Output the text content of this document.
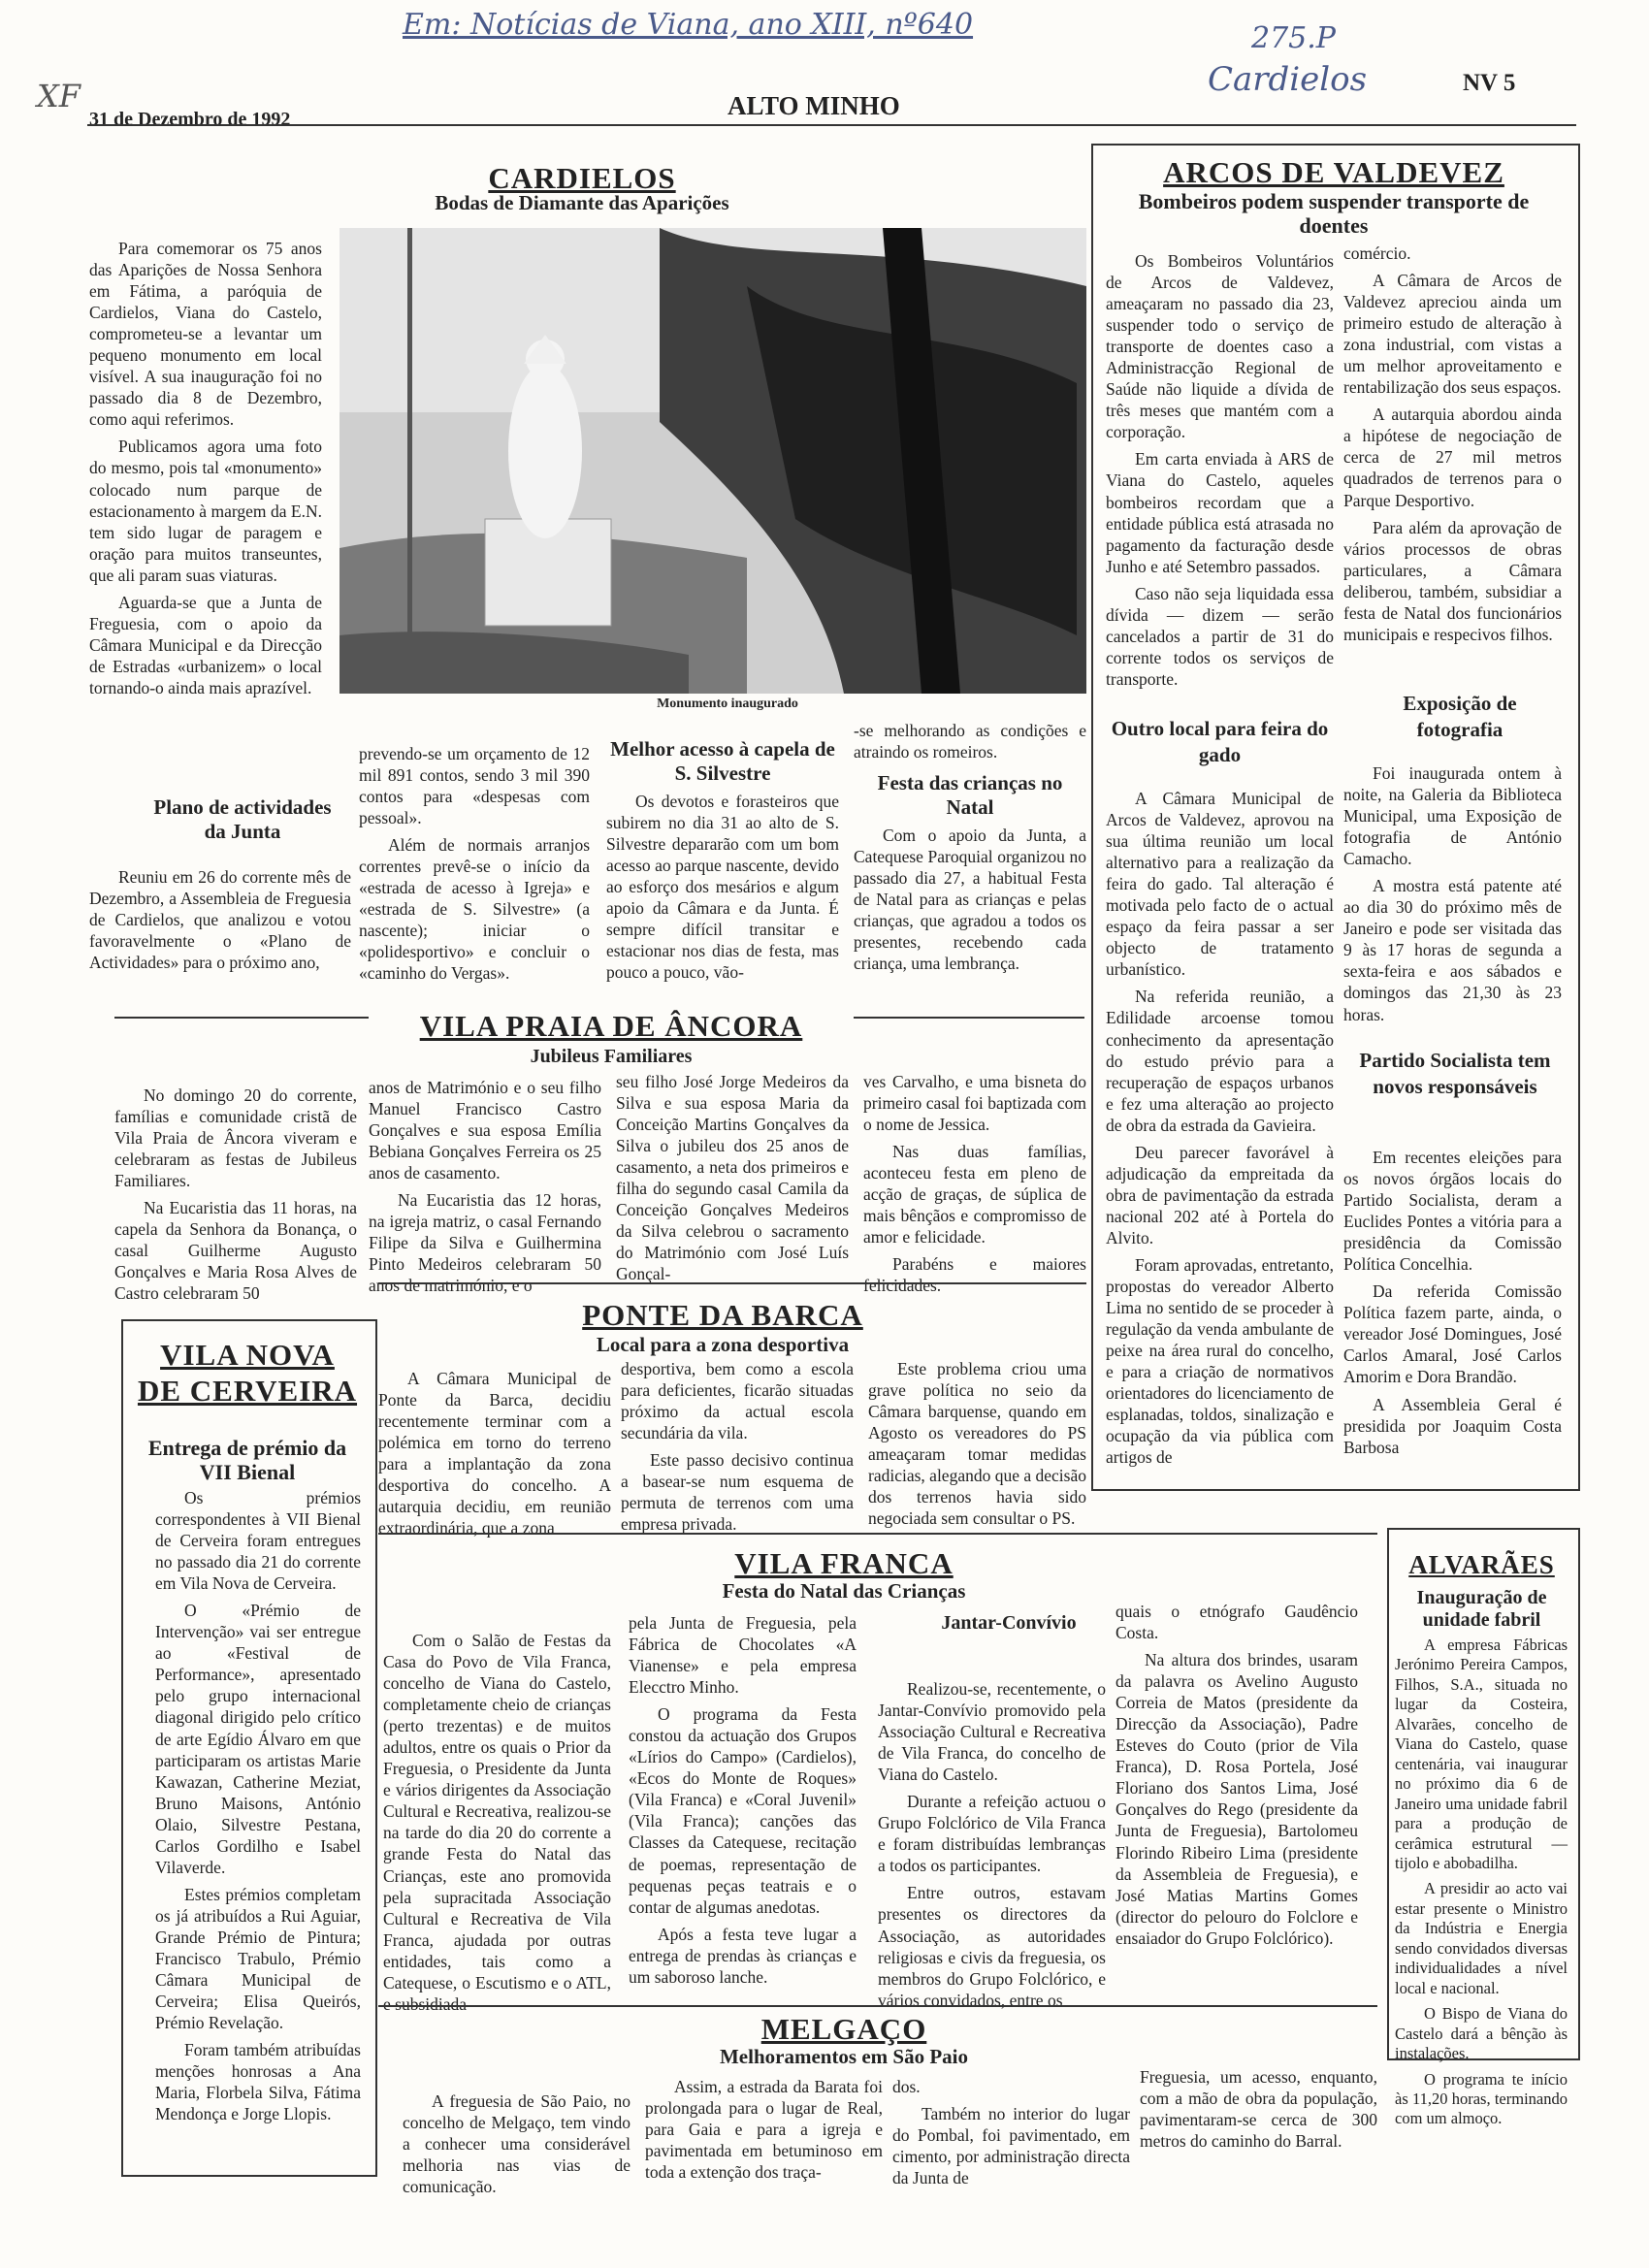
Em: Notícias de Viana, ano XIII, nº640	275.P
Cardielos
XF
31 de Dezembro de 1992	ALTO MINHO
NV 5
CARDIELOS
Bodas de Diamante das Aparições

Para comemorar os 75 anos das Aparições de Nossa Senhora em Fátima, a paróquia de Cardielos, Viana do Castelo, comprometeu-se a levantar um pequeno monumento em local visível. A sua inauguração foi no passado dia 8 de Dezembro, como aqui referimos.

Publicamos agora uma foto do mesmo, pois tal «monumento» colocado num parque de estacionamento à margem da E.N. tem sido lugar de paragem e oração para muitos transeuntes, que ali param suas viaturas.

Aguarda-se que a Junta de Freguesia, com o apoio da Câmara Municipal e da Direcção de Estradas «urbanizem» o local tornando-o ainda mais aprazível.

Monumento inaugurado
Plano de actividades da Junta

Reuniu em 26 do corrente mês de Dezembro, a Assembleia de Freguesia de Cardielos, que analizou e votou favoravelmente o «Plano de Actividades» para o próximo ano,

prevendo-se um orçamento de 12 mil 891 contos, sendo 3 mil 390 contos para «despesas com pessoal».

Além de normais arranjos correntes prevê-se o início da «estrada de acesso à Igreja» e «estrada de S. Silvestre» (a nascente); iniciar o «polidesportivo» e concluir o «caminho do Vergas».

Melhor acesso à capela de S. Silvestre

Os devotos e forasteiros que subirem no dia 31 ao alto de S. Silvestre depararão com um bom acesso ao parque nascente, devido ao esforço dos mesários e algum apoio da Câmara e da Junta. É sempre difícil transitar e estacionar nos dias de festa, mas pouco a pouco, vão-

-se melhorando as condições e atraindo os romeiros.

Festa das crianças no Natal

Com o apoio da Junta, a Catequese Paroquial organizou no passado dia 27, a habitual Festa de Natal para as crianças e pelas crianças, que agradou a todos os presentes, recebendo cada criança, uma lembrança.

ARCOS DE VALDEVEZ
Bombeiros podem suspender transporte de doentes

Os Bombeiros Voluntários de Arcos de Valdevez, ameaçaram no passado dia 23, suspender todo o serviço de transporte de doentes caso a Administracção Regional de Saúde não liquide a dívida de três meses que mantém com a corporação.

Em carta enviada à ARS de Viana do Castelo, aqueles bombeiros recordam que a entidade pública está atrasada no pagamento da facturação desde Junho e até Setembro passados.

Caso não seja liquidada essa dívida — dizem — serão cancelados a partir de 31 do corrente todos os serviços de transporte.

comércio.

A Câmara de Arcos de Valdevez apreciou ainda um primeiro estudo de alteração à zona industrial, com vistas a um melhor aproveitamento e rentabilização dos seus espaços.

A autarquia abordou ainda a hipótese de negociação de cerca de 27 mil metros quadrados de terrenos para o Parque Desportivo.

Para além da aprovação de vários processos de obras particulares, a Câmara deliberou, também, subsidiar a festa de Natal dos funcionários municipais e respecivos filhos.

Outro local para feira do gado

A Câmara Municipal de Arcos de Valdevez, aprovou na sua última reunião um local alternativo para a realização da feira do gado. Tal alteração é motivada pelo facto de o actual espaço da feira passar a ser objecto de tratamento urbanístico.

Na referida reunião, a Edilidade arcoense tomou conhecimento da apresentação do estudo prévio para a recuperação de espaços urbanos e fez uma alteração ao projecto de obra da estrada da Gavieira.

Deu parecer favorável à adjudicação da empreitada da obra de pavimentação da estrada nacional 202 até à Portela do Alvito.

Foram aprovadas, entretanto, propostas do vereador Alberto Lima no sentido de se proceder à regulação da venda ambulante de peixe na área rural do concelho, e para a criação de normativos orientadores do licenciamento de esplanadas, toldos, sinalização e ocupação da via pública com artigos de

Exposição de fotografia

Foi inaugurada ontem à noite, na Galeria da Biblioteca Municipal, uma Exposição de fotografia de António Camacho.

A mostra está patente até ao dia 30 do próximo mês de Janeiro e pode ser visitada das 9 às 17 horas de segunda a sexta-feira e aos sábados e domingos das 21,30 às 23 horas.

Partido Socialista tem novos responsáveis

Em recentes eleições para os novos órgãos locais do Partido Socialista, deram a Euclides Pontes a vitória para a presidência da Comissão Política Concelhia.

Da referida Comissão Política fazem parte, ainda, o vereador José Domingues, José Carlos Amaral, José Carlos Amorim e Dora Brandão.

A Assembleia Geral é presidida por Joaquim Costa Barbosa

VILA PRAIA DE ÂNCORA
Jubileus Familiares

No domingo 20 do corrente, famílias e comunidade cristã de Vila Praia de Âncora viveram e celebraram as festas de Jubileus Familiares.

Na Eucaristia das 11 horas, na capela da Senhora da Bonança, o casal Guilherme Augusto Gonçalves e Maria Rosa Alves de Castro celebraram 50

anos de Matrimónio e o seu filho Manuel Francisco Castro Gonçalves e sua esposa Emília Bebiana Gonçalves Ferreira os 25 anos de casamento.

Na Eucaristia das 12 horas, na igreja matriz, o casal Fernando Filipe da Silva e Guilhermina Pinto Medeiros celebraram 50 anos de matrimónio, e o

seu filho José Jorge Medeiros da Silva e sua esposa Maria da Conceição Martins Gonçalves da Silva o jubileu dos 25 anos de casamento, a neta dos primeiros e filha do segundo casal Camila da Conceição Gonçalves Medeiros da Silva celebrou o sacramento do Matrimónio com José Luís Gonçal-

ves Carvalho, e uma bisneta do primeiro casal foi baptizada com o nome de Jessica.

Nas duas famílias, aconteceu festa em pleno de acção de graças, de súplica de mais bênçãos e compromisso de amor e felicidade.

Parabéns e maiores felicidades.

VILA NOVA DE CERVEIRA
Entrega de prémio da VII Bienal

Os prémios correspondentes à VII Bienal de Cerveira foram entregues no passado dia 21 do corrente em Vila Nova de Cerveira.

O «Prémio de Intervenção» vai ser entregue ao «Festival de Performance», apresentado pelo grupo internacional diagonal dirigido pelo crítico de arte Egídio Álvaro em que participaram os artistas Marie Kawazan, Catherine Meziat, Bruno Maisons, António Olaio, Silvestre Pestana, Carlos Gordilho e Isabel Vilaverde.

Estes prémios completam os já atribuídos a Rui Aguiar, Grande Prémio de Pintura; Francisco Trabulo, Prémio Câmara Municipal de Cerveira; Elisa Queirós, Prémio Revelação.

Foram também atribuídas menções honrosas a Ana Maria, Florbela Silva, Fátima Mendonça e Jorge Llopis.

PONTE DA BARCA
Local para a zona desportiva

A Câmara Municipal de Ponte da Barca, decidiu recentemente terminar com a polémica em torno do terreno para a implantação da zona desportiva do concelho. A autarquia decidiu, em reunião extraordinária, que a zona

desportiva, bem como a escola para deficientes, ficarão situadas próximo da actual escola secundária da vila.

Este passo decisivo continua a basear-se num esquema de permuta de terrenos com uma empresa privada.

Este problema criou uma grave política no seio da Câmara barquense, quando em Agosto os vereadores do PS ameaçaram tomar medidas radicias, alegando que a decisão dos terrenos havia sido negociada sem consultar o PS.

VILA FRANCA
Festa do Natal das Crianças
Jantar-Convívio

Com o Salão de Festas da Casa do Povo de Vila Franca, concelho de Viana do Castelo, completamente cheio de crianças (perto trezentas) e de muitos adultos, entre os quais o Prior da Freguesia, o Presidente da Junta e vários dirigentes da Associação Cultural e Recreativa, realizou-se na tarde do dia 20 do corrente a grande Festa do Natal das Crianças, este ano promovida pela supracitada Associação Cultural e Recreativa de Vila Franca, ajudada por outras entidades, tais como a Catequese, o Escutismo e o ATL, e subsidiada

pela Junta de Freguesia, pela Fábrica de Chocolates «A Vianense» e pela empresa Elecctro Minho.

O programa da Festa constou da actuação dos Grupos «Lírios do Campo» (Cardielos), «Ecos do Monte de Roques» (Vila Franca) e «Coral Juvenil» (Vila Franca); canções das Classes da Catequese, recitação de poemas, representação de pequenas peças teatrais e o contar de algumas anedotas.

Após a festa teve lugar a entrega de prendas às crianças e um saboroso lanche.

Realizou-se, recentemente, o Jantar-Convívio promovido pela Associação Cultural e Recreativa de Vila Franca, do concelho de Viana do Castelo.

Durante a refeição actuou o Grupo Folclórico de Vila Franca e foram distribuídas lembranças a todos os participantes.

Entre outros, estavam presentes os directores da Associação, as autoridades religiosas e civis da freguesia, os membros do Grupo Folclórico, e vários convidados, entre os

quais o etnógrafo Gaudêncio Costa.

Na altura dos brindes, usaram da palavra os Avelino Augusto Correia de Matos (presidente da Direcção da Associação), Padre Esteves do Couto (prior de Vila Franca), D. Rosa Portela, José Floriano dos Santos Lima, José Gonçalves do Rego (presidente da Junta de Freguesia), Bartolomeu Florindo Ribeiro Lima (presidente da Assembleia de Freguesia), e José Matias Martins Gomes (director do pelouro do Folclore e ensaiador do Grupo Folclórico).

ALVARÃES
Inauguração de unidade fabril

A empresa Fábricas Jerónimo Pereira Campos, Filhos, S.A., situada no lugar da Costeira, Alvarães, concelho de Viana do Castelo, quase centenária, vai inaugurar no próximo dia 6 de Janeiro uma unidade fabril para a produção de cerâmica estrutural — tijolo e abobadilha.

A presidir ao acto vai estar presente o Ministro da Indústria e Energia sendo convidados diversas individualidades a nível local e nacional.

O Bispo de Viana do Castelo dará a bênção às instalações.

O programa te início às 11,20 horas, terminando com um almoço.

MELGAÇO
Melhoramentos em São Paio

A freguesia de São Paio, no concelho de Melgaço, tem vindo a conhecer uma considerável melhoria nas vias de comunicação.

Assim, a estrada da Barata foi prolongada para o lugar de Real, para Gaia e para a igreja e pavimentada em betuminoso em toda a extenção dos traça-

dos.

Também no interior do lugar do Pombal, foi pavimentado, em cimento, por administração directa da Junta de

Freguesia, um acesso, enquanto, com a mão de obra da população, pavimentaram-se cerca de 300 metros do caminho do Barral.
